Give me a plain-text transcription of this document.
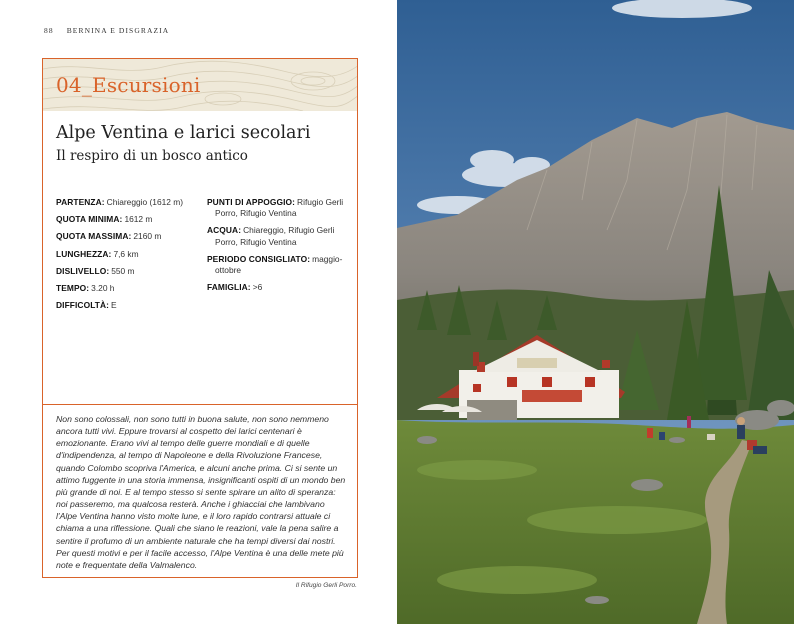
88 BERNINA E DISGRAZIA
04_Escursioni
Alpe Ventina e larici secolari
Il respiro di un bosco antico
PARTENZA: Chiareggio (1612 m)
QUOTA MINIMA: 1612 m
QUOTA MASSIMA: 2160 m
LUNGHEZZA: 7,6 km
DISLIVELLO: 550 m
TEMPO: 3.20 h
DIFFICOLTÀ: E
PUNTI DI APPOGGIO: Rifugio Gerli Porro, Rifugio Ventina
ACQUA: Chiareggio, Rifugio Gerli Porro, Rifugio Ventina
PERIODO CONSIGLIATO: maggio-ottobre
FAMIGLIA: >6
Non sono colossali, non sono tutti in buona salute, non sono nemmeno ancora tutti vivi. Eppure trovarsi al cospetto dei larici centenari è emozionante. Erano vivi al tempo delle guerre mondiali e di quelle d'indipendenza, al tempo di Napoleone e della Rivoluzione Francese, quando Colombo scopriva l'America, e alcuni anche prima. Ci si sente un attimo fuggente in una storia immensa, insignificanti ospiti di un mondo ben più grande di noi. E al tempo stesso si sente spirare un alito di speranza: noi passeremo, ma qualcosa resterà. Anche i ghiacciai che lambivano l'Alpe Ventina hanno visto molte lune, e il loro rapido contrarsi attuale ci chiama a una riflessione. Quali che siano le reazioni, vale la pena salire a sentire il profumo di un ambiente naturale che ha tempi diversi dai nostri. Per questi motivi e per il facile accesso, l'Alpe Ventina è una delle mete più note e frequentate della Valmalenco.
Il Rifugio Gerli Porro.
